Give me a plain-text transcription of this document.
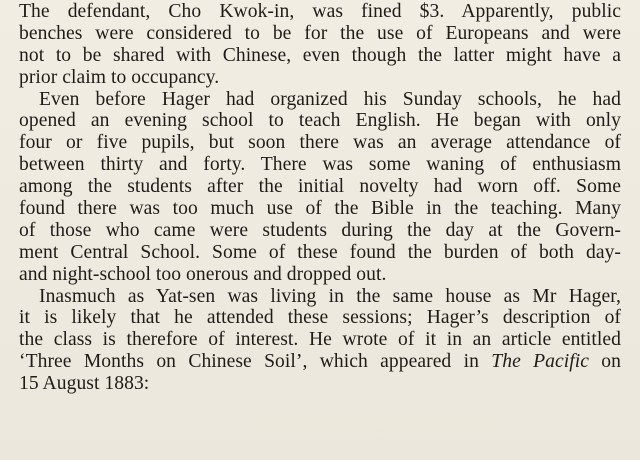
The defendant, Cho Kwok-in, was fined $3. Apparently, public
benches were considered to be for the use of Europeans and were
not to be shared with Chinese, even though the latter might have a
prior claim to occupancy.
Even before Hager had organized his Sunday schools, he had
opened an evening school to teach English. He began with only
four or five pupils, but soon there was an average attendance of
between thirty and forty. There was some waning of enthusiasm
among the students after the initial novelty had worn off. Some
found there was too much use of the Bible in the teaching. Many
of those who came were students during the day at the Govern-
ment Central School. Some of these found the burden of both day-
and night-school too onerous and dropped out.
Inasmuch as Yat-sen was living in the same house as Mr Hager,
it is likely that he attended these sessions; Hager’s description of
the class is therefore of interest. He wrote of it in an article entitled
‘Three Months on Chinese Soil’, which appeared in The Pacific on
15 August 1883:
